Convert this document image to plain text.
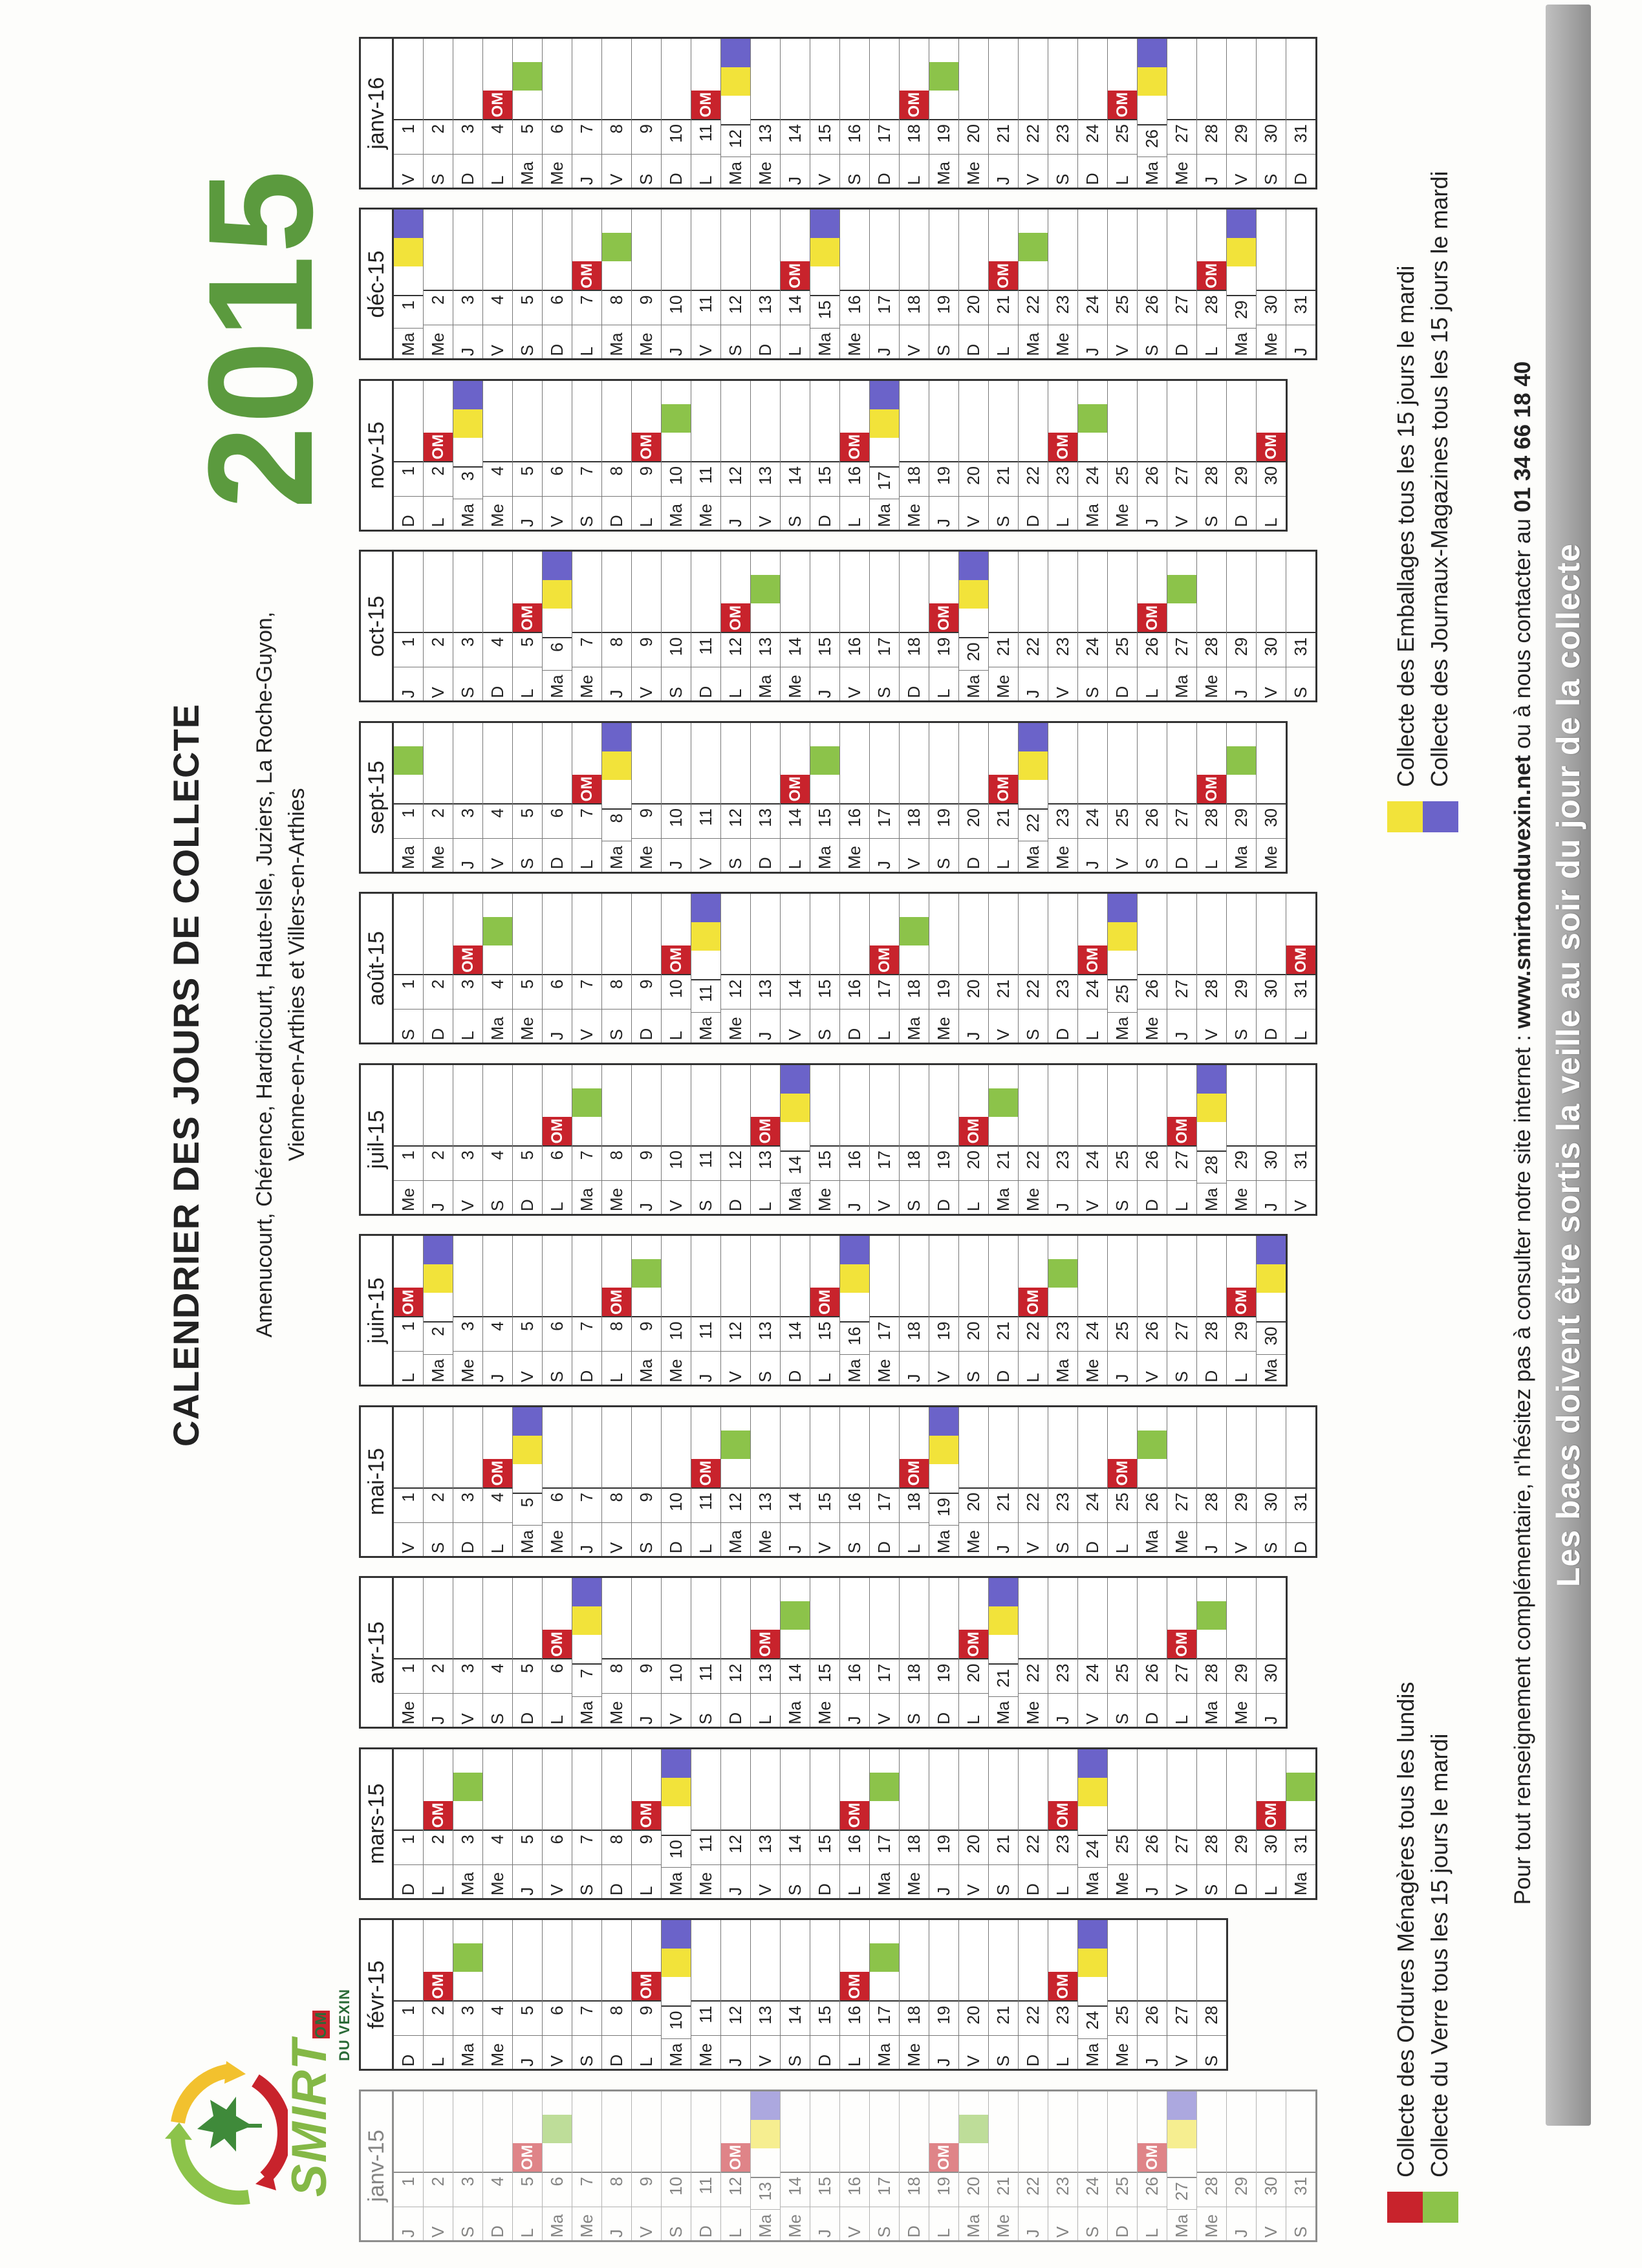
SMIRTOM DU VEXIN
CALENDRIER DES JOURS DE COLLECTE Amenucourt, Chérence, Hardricourt, Haute-Isle, Juziers, La Roche-Guyon, Vienne-en-Arthies et Villers-en-Arthies
2015
janv-15
J
1
V
2
S
3
D
4
L
5
OM
Ma
6
Me
7
J
8
V
9
S
10
D
11
L
12
OM
Ma
13
Me
14
J
15
V
16
S
17
D
18
L
19
OM
Ma
20
Me
21
J
22
V
23
S
24
D
25
L
26
OM
Ma
27
Me
28
J
29
V
30
S
31
févr-15
D
1
L
2
OM
Ma
3
Me
4
J
5
V
6
S
7
D
8
L
9
OM
Ma
10
Me
11
J
12
V
13
S
14
D
15
L
16
OM
Ma
17
Me
18
J
19
V
20
S
21
D
22
L
23
OM
Ma
24
Me
25
J
26
V
27
S
28
mars-15
D
1
L
2
OM
Ma
3
Me
4
J
5
V
6
S
7
D
8
L
9
OM
Ma
10
Me
11
J
12
V
13
S
14
D
15
L
16
OM
Ma
17
Me
18
J
19
V
20
S
21
D
22
L
23
OM
Ma
24
Me
25
J
26
V
27
S
28
D
29
L
30
OM
Ma
31
avr-15
Me
1
J
2
V
3
S
4
D
5
L
6
OM
Ma
7
Me
8
J
9
V
10
S
11
D
12
L
13
OM
Ma
14
Me
15
J
16
V
17
S
18
D
19
L
20
OM
Ma
21
Me
22
J
23
V
24
S
25
D
26
L
27
OM
Ma
28
Me
29
J
30
mai-15
V
1
S
2
D
3
L
4
OM
Ma
5
Me
6
J
7
V
8
S
9
D
10
L
11
OM
Ma
12
Me
13
J
14
V
15
S
16
D
17
L
18
OM
Ma
19
Me
20
J
21
V
22
S
23
D
24
L
25
OM
Ma
26
Me
27
J
28
V
29
S
30
D
31
juin-15
L
1
OM
Ma
2
Me
3
J
4
V
5
S
6
D
7
L
8
OM
Ma
9
Me
10
J
11
V
12
S
13
D
14
L
15
OM
Ma
16
Me
17
J
18
V
19
S
20
D
21
L
22
OM
Ma
23
Me
24
J
25
V
26
S
27
D
28
L
29
OM
Ma
30
juil-15
Me
1
J
2
V
3
S
4
D
5
L
6
OM
Ma
7
Me
8
J
9
V
10
S
11
D
12
L
13
OM
Ma
14
Me
15
J
16
V
17
S
18
D
19
L
20
OM
Ma
21
Me
22
J
23
V
24
S
25
D
26
L
27
OM
Ma
28
Me
29
J
30
V
31
août-15
S
1
D
2
L
3
OM
Ma
4
Me
5
J
6
V
7
S
8
D
9
L
10
OM
Ma
11
Me
12
J
13
V
14
S
15
D
16
L
17
OM
Ma
18
Me
19
J
20
V
21
S
22
D
23
L
24
OM
Ma
25
Me
26
J
27
V
28
S
29
D
30
L
31
OM
sept-15
Ma
1
Me
2
J
3
V
4
S
5
D
6
L
7
OM
Ma
8
Me
9
J
10
V
11
S
12
D
13
L
14
OM
Ma
15
Me
16
J
17
V
18
S
19
D
20
L
21
OM
Ma
22
Me
23
J
24
V
25
S
26
D
27
L
28
OM
Ma
29
Me
30
oct-15
J
1
V
2
S
3
D
4
L
5
OM
Ma
6
Me
7
J
8
V
9
S
10
D
11
L
12
OM
Ma
13
Me
14
J
15
V
16
S
17
D
18
L
19
OM
Ma
20
Me
21
J
22
V
23
S
24
D
25
L
26
OM
Ma
27
Me
28
J
29
V
30
S
31
nov-15
D
1
L
2
OM
Ma
3
Me
4
J
5
V
6
S
7
D
8
L
9
OM
Ma
10
Me
11
J
12
V
13
S
14
D
15
L
16
OM
Ma
17
Me
18
J
19
V
20
S
21
D
22
L
23
OM
Ma
24
Me
25
J
26
V
27
S
28
D
29
L
30
OM
déc-15
Ma
1
Me
2
J
3
V
4
S
5
D
6
L
7
OM
Ma
8
Me
9
J
10
V
11
S
12
D
13
L
14
OM
Ma
15
Me
16
J
17
V
18
S
19
D
20
L
21
OM
Ma
22
Me
23
J
24
V
25
S
26
D
27
L
28
OM
Ma
29
Me
30
J
31
janv-16
V
1
S
2
D
3
L
4
OM
Ma
5
Me
6
J
7
V
8
S
9
D
10
L
11
OM
Ma
12
Me
13
J
14
V
15
S
16
D
17
L
18
OM
Ma
19
Me
20
J
21
V
22
S
23
D
24
L
25
OM
Ma
26
Me
27
J
28
V
29
S
30
D
31
Collecte des Ordures Ménagères tous les lundis Collecte du Verre tous les 15 jours le mardi
Collecte des Emballages tous les 15 jours le mardi Collecte des Journaux-Magazines tous les 15 jours le mardi
Pour tout renseignement complémentaire, n'hésitez pas à consulter notre site internet : www.smirtomduvexin.net ou à nous contacter au 01 34 66 18 40
Les bacs doivent être sortis la veille au soir du jour de la collecte
